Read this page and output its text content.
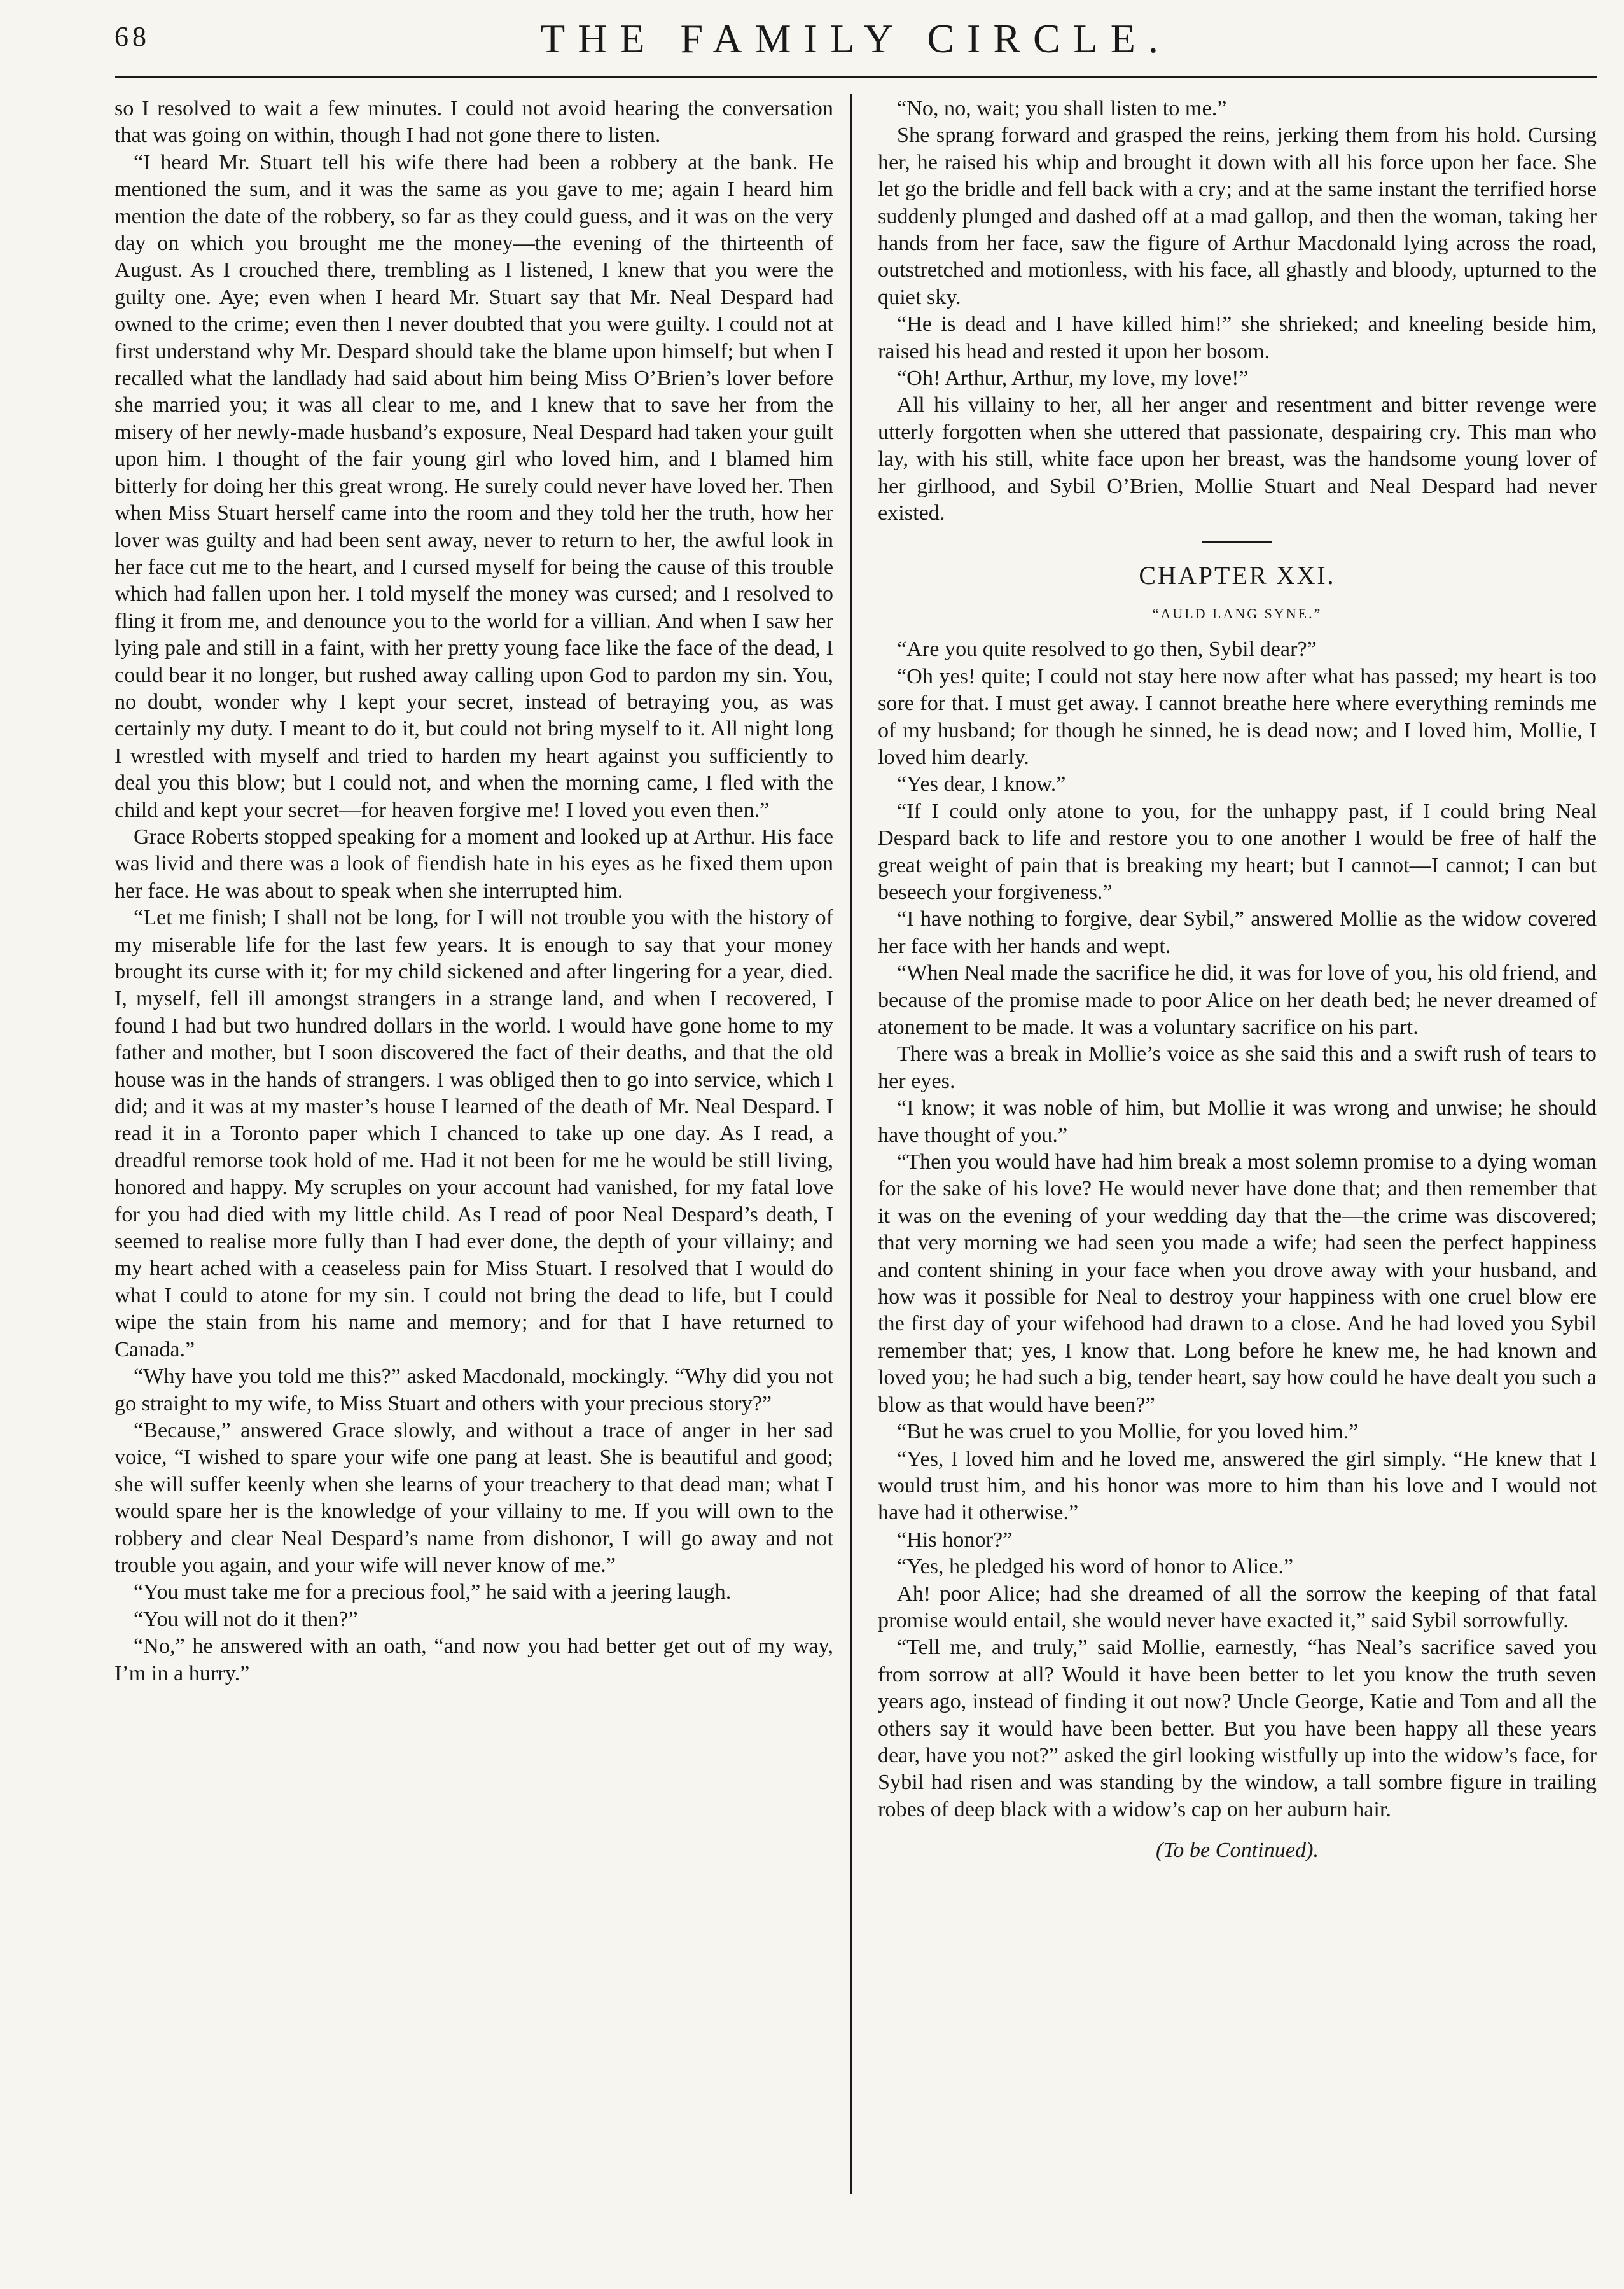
68	THE FAMILY CIRCLE.

so I resolved to wait a few minutes. I could not avoid hearing the conversation that was going on within, though I had not gone there to listen.

“I heard Mr. Stuart tell his wife there had been a robbery at the bank. He mentioned the sum, and it was the same as you gave to me; again I heard him mention the date of the robbery, so far as they could guess, and it was on the very day on which you brought me the money—the evening of the thirteenth of August. As I crouched there, trembling as I listened, I knew that you were the guilty one. Aye; even when I heard Mr. Stuart say that Mr. Neal Despard had owned to the crime; even then I never doubted that you were guilty. I could not at first understand why Mr. Despard should take the blame upon himself; but when I recalled what the landlady had said about him being Miss O’Brien’s lover before she married you; it was all clear to me, and I knew that to save her from the misery of her newly-made husband’s exposure, Neal Despard had taken your guilt upon him. I thought of the fair young girl who loved him, and I blamed him bitterly for doing her this great wrong. He surely could never have loved her. Then when Miss Stuart herself came into the room and they told her the truth, how her lover was guilty and had been sent away, never to return to her, the awful look in her face cut me to the heart, and I cursed myself for being the cause of this trouble which had fallen upon her. I told myself the money was cursed; and I resolved to fling it from me, and denounce you to the world for a villian. And when I saw her lying pale and still in a faint, with her pretty young face like the face of the dead, I could bear it no longer, but rushed away calling upon God to pardon my sin. You, no doubt, wonder why I kept your secret, instead of betraying you, as was certainly my duty. I meant to do it, but could not bring myself to it. All night long I wrestled with myself and tried to harden my heart against you sufficiently to deal you this blow; but I could not, and when the morning came, I fled with the child and kept your secret—for heaven forgive me! I loved you even then.”

Grace Roberts stopped speaking for a moment and looked up at Arthur. His face was livid and there was a look of fiendish hate in his eyes as he fixed them upon her face. He was about to speak when she interrupted him.

“Let me finish; I shall not be long, for I will not trouble you with the history of my miserable life for the last few years. It is enough to say that your money brought its curse with it; for my child sickened and after lingering for a year, died. I, myself, fell ill amongst strangers in a strange land, and when I recovered, I found I had but two hundred dollars in the world. I would have gone home to my father and mother, but I soon discovered the fact of their deaths, and that the old house was in the hands of strangers. I was obliged then to go into service, which I did; and it was at my master’s house I learned of the death of Mr. Neal Despard. I read it in a Toronto paper which I chanced to take up one day. As I read, a dreadful remorse took hold of me. Had it not been for me he would be still living, honored and happy. My scruples on your account had vanished, for my fatal love for you had died with my little child. As I read of poor Neal Despard’s death, I seemed to realise more fully than I had ever done, the depth of your villainy; and my heart ached with a ceaseless pain for Miss Stuart. I resolved that I would do what I could to atone for my sin. I could not bring the dead to life, but I could wipe the stain from his name and memory; and for that I have returned to Canada.”

“Why have you told me this?” asked Macdonald, mockingly. “Why did you not go straight to my wife, to Miss Stuart and others with your precious story?”

“Because,” answered Grace slowly, and without a trace of anger in her sad voice, “I wished to spare your wife one pang at least. She is beautiful and good; she will suffer keenly when she learns of your treachery to that dead man; what I would spare her is the knowledge of your villainy to me. If you will own to the robbery and clear Neal Despard’s name from dishonor, I will go away and not trouble you again, and your wife will never know of me.”

“You must take me for a precious fool,” he said with a jeering laugh.

“You will not do it then?”

“No,” he answered with an oath, “and now you had better get out of my way, I’m in a hurry.”

“No, no, wait; you shall listen to me.”

She sprang forward and grasped the reins, jerking them from his hold. Cursing her, he raised his whip and brought it down with all his force upon her face. She let go the bridle and fell back with a cry; and at the same instant the terrified horse suddenly plunged and dashed off at a mad gallop, and then the woman, taking her hands from her face, saw the figure of Arthur Macdonald lying across the road, outstretched and motionless, with his face, all ghastly and bloody, upturned to the quiet sky.

“He is dead and I have killed him!” she shrieked; and kneeling beside him, raised his head and rested it upon her bosom.

“Oh! Arthur, Arthur, my love, my love!”

All his villainy to her, all her anger and resentment and bitter revenge were utterly forgotten when she uttered that passionate, despairing cry. This man who lay, with his still, white face upon her breast, was the handsome young lover of her girlhood, and Sybil O’Brien, Mollie Stuart and Neal Despard had never existed.

CHAPTER XXI.

“AULD LANG SYNE.”

“Are you quite resolved to go then, Sybil dear?”

“Oh yes! quite; I could not stay here now after what has passed; my heart is too sore for that. I must get away. I cannot breathe here where everything reminds me of my husband; for though he sinned, he is dead now; and I loved him, Mollie, I loved him dearly.

“Yes dear, I know.”

“If I could only atone to you, for the unhappy past, if I could bring Neal Despard back to life and restore you to one another I would be free of half the great weight of pain that is breaking my heart; but I cannot—I cannot; I can but beseech your forgiveness.”

“I have nothing to forgive, dear Sybil,” answered Mollie as the widow covered her face with her hands and wept.

“When Neal made the sacrifice he did, it was for love of you, his old friend, and because of the promise made to poor Alice on her death bed; he never dreamed of atonement to be made. It was a voluntary sacrifice on his part.

There was a break in Mollie’s voice as she said this and a swift rush of tears to her eyes.

“I know; it was noble of him, but Mollie it was wrong and unwise; he should have thought of you.”

“Then you would have had him break a most solemn promise to a dying woman for the sake of his love? He would never have done that; and then remember that it was on the evening of your wedding day that the—the crime was discovered; that very morning we had seen you made a wife; had seen the perfect happiness and content shining in your face when you drove away with your husband, and how was it possible for Neal to destroy your happiness with one cruel blow ere the first day of your wifehood had drawn to a close. And he had loved you Sybil remember that; yes, I know that. Long before he knew me, he had known and loved you; he had such a big, tender heart, say how could he have dealt you such a blow as that would have been?”

“But he was cruel to you Mollie, for you loved him.”

“Yes, I loved him and he loved me, answered the girl simply. “He knew that I would trust him, and his honor was more to him than his love and I would not have had it otherwise.”

“His honor?”

“Yes, he pledged his word of honor to Alice.”

Ah! poor Alice; had she dreamed of all the sorrow the keeping of that fatal promise would entail, she would never have exacted it,” said Sybil sorrowfully.

“Tell me, and truly,” said Mollie, earnestly, “has Neal’s sacrifice saved you from sorrow at all? Would it have been better to let you know the truth seven years ago, instead of finding it out now? Uncle George, Katie and Tom and all the others say it would have been better. But you have been happy all these years dear, have you not?” asked the girl looking wistfully up into the widow’s face, for Sybil had risen and was standing by the window, a tall sombre figure in trailing robes of deep black with a widow’s cap on her auburn hair.

(To be Continued).
